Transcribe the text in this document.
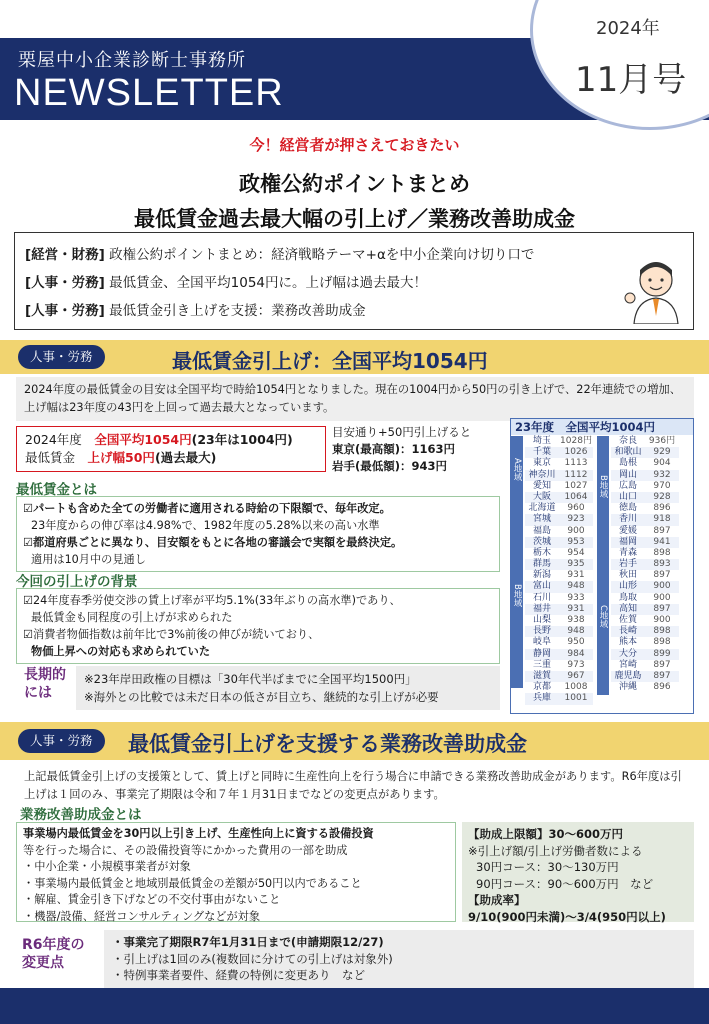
栗屋中小企業診断士事務所
NEWSLETTER
2024年
11月号
今！経営者が押さえておきたい
政権公約ポイントまとめ
最低賃金過去最大幅の引上げ／業務改善助成金
[経営・財務] 政権公約ポイントまとめ：経済戦略テーマ+αを中小企業向け切り口で
[人事・労務] 最低賃金、全国平均1054円に。上げ幅は過去最大！
[人事・労務] 最低賃金引き上げを支援：業務改善助成金
人事・労務	最低賃金引上げ：全国平均1054円
2024年度の最低賃金の目安は全国平均で時給1054円となりました。現在の1004円から50円の引き上げで、22年連続での増加、上げ幅は23年度の43円を上回って過去最大となっています。
2024年度　 全国平均1054円(23年は1004円)
最低賃金　 上げ幅50円(過去最大)
目安通り+50円引上げると
東京(最高額)：1163円
岩手(最低額)：943円
最低賃金とは
☑パートも含めた全ての労働者に適用される時給の下限額で、毎年改定。
23年度からの伸び率は4.98%で、1982年度の5.28%以来の高い水準
☑都道府県ごとに異なり、目安額をもとに各地の審議会で実額を最終決定。
適用は10月中の見通し
今回の引上げの背景
☑24年度春季労使交渉の賃上げ率が平均5.1%(33年ぶりの高水準)であり、
最低賃金も同程度の引上げが求められた
☑消費者物価指数は前年比で3%前後の伸びが続いており、
物価上昇への対応も求められていた
長期的
には
※23年岸田政権の目標は「30年代半ばまでに全国平均1500円」
※海外との比較では未だ日本の低さが目立ち、継続的な引上げが必要
23年度　全国平均1004円
A地域
B地域
B地域
C地域
埼玉	1028円
千葉	1026
東京	1113
神奈川	1112
愛知	1027
大阪	1064
北海道	960
宮城	923
福島	900
茨城	953
栃木	954
群馬	935
新潟	931
富山	948
石川	933
福井	931
山梨	938
長野	948
岐阜	950
静岡	984
三重	973
滋賀	967
京都	1008
兵庫	1001
奈良	936円
和歌山	929
島根	904
岡山	932
広島	970
山口	928
徳島	896
香川	918
愛媛	897
福岡	941
青森	898
岩手	893
秋田	897
山形	900
鳥取	900
高知	897
佐賀	900
長崎	898
熊本	898
大分	899
宮崎	897
鹿児島	897
沖縄	896
人事・労務	最低賃金引上げを支援する業務改善助成金
上記最低賃金引上げの支援策として、賃上げと同時に生産性向上を行う場合に申請できる業務改善助成金があります。R6年度は引上げは１回のみ、事業完了期限は令和７年１月31日までなどの変更点があります。
業務改善助成金とは
事業場内最低賃金を30円以上引き上げ、生産性向上に資する設備投資
等を行った場合に、その設備投資等にかかった費用の一部を助成
・中小企業・小規模事業者が対象
・事業場内最低賃金と地域別最低賃金の差額が50円以内であること
・解雇、賃金引き下げなどの不交付事由がないこと
・機器/設備、経営コンサルティングなどが対象
【助成上限額】30～600万円
※引上げ額/引上げ労働者数による
30円コース：30～130万円
90円コース：90～600万円　など
【助成率】
9/10(900円未満)～3/4(950円以上)
R6年度の
変更点
・事業完了期限R7年1月31日まで(申請期限12/27)
・引上げは1回のみ(複数回に分けての引上げは対象外)
・特例事業者要件、経費の特例に変更あり　など
